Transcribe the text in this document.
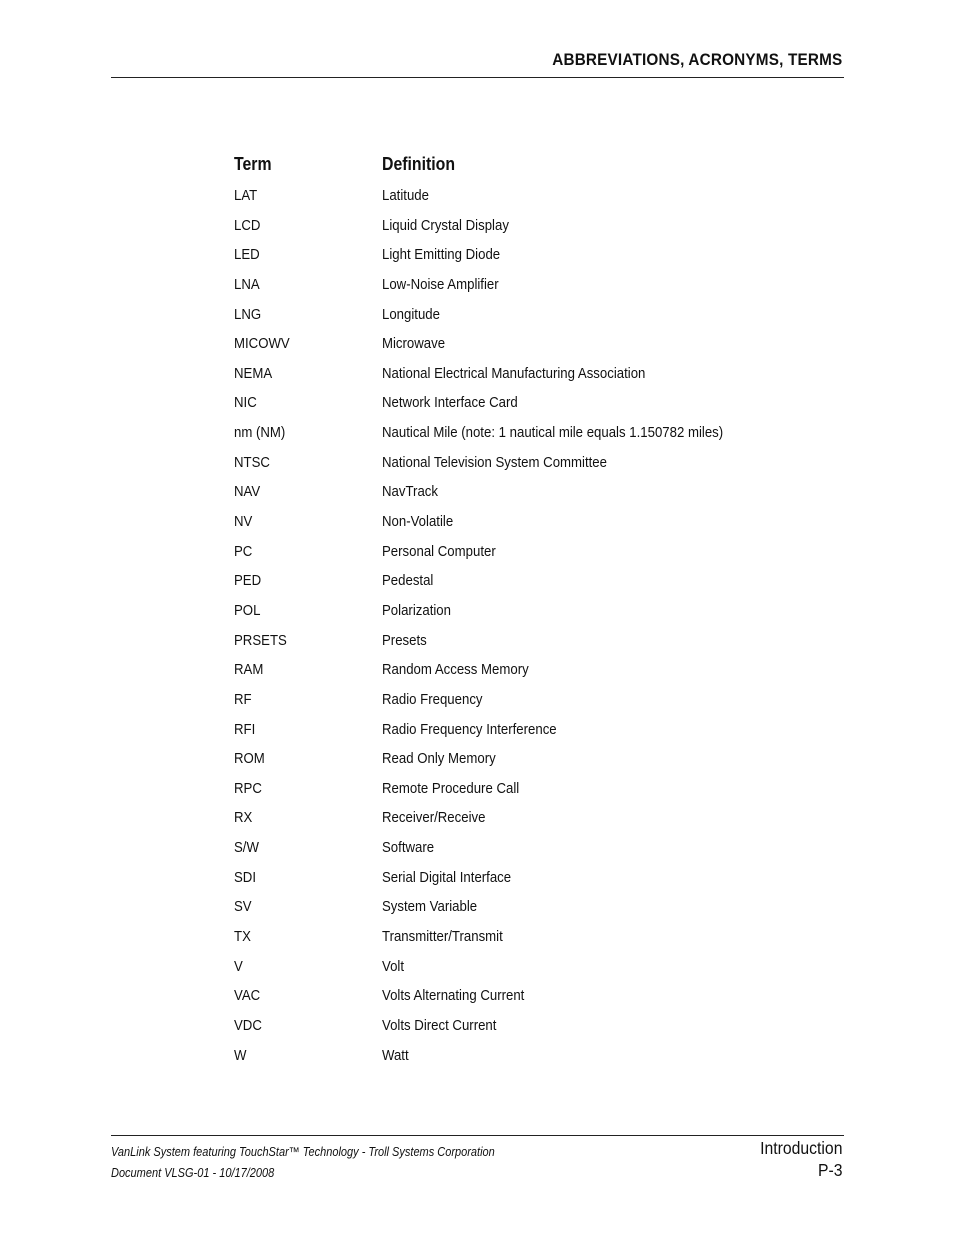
ABBREVIATIONS, ACRONYMS, TERMS
Term	Definition
LAT	Latitude
LCD	Liquid Crystal Display
LED	Light Emitting Diode
LNA	Low-Noise Amplifier
LNG	Longitude
MICOWV	Microwave
NEMA	National Electrical Manufacturing Association
NIC	Network Interface Card
nm (NM)	Nautical Mile (note: 1 nautical mile equals 1.150782 miles)
NTSC	National Television System Committee
NAV	NavTrack
NV	Non-Volatile
PC	Personal Computer
PED	Pedestal
POL	Polarization
PRSETS	Presets
RAM	Random Access Memory
RF	Radio Frequency
RFI	Radio Frequency Interference
ROM	Read Only Memory
RPC	Remote Procedure Call
RX	Receiver/Receive
S/W	Software
SDI	Serial Digital Interface
SV	System Variable
TX	Transmitter/Transmit
V	Volt
VAC	Volts Alternating Current
VDC	Volts Direct Current
W	Watt
VanLink System featuring TouchStar™ Technology - Troll Systems Corporation
Document VLSG-01 - 10/17/2008
Introduction
P-3
